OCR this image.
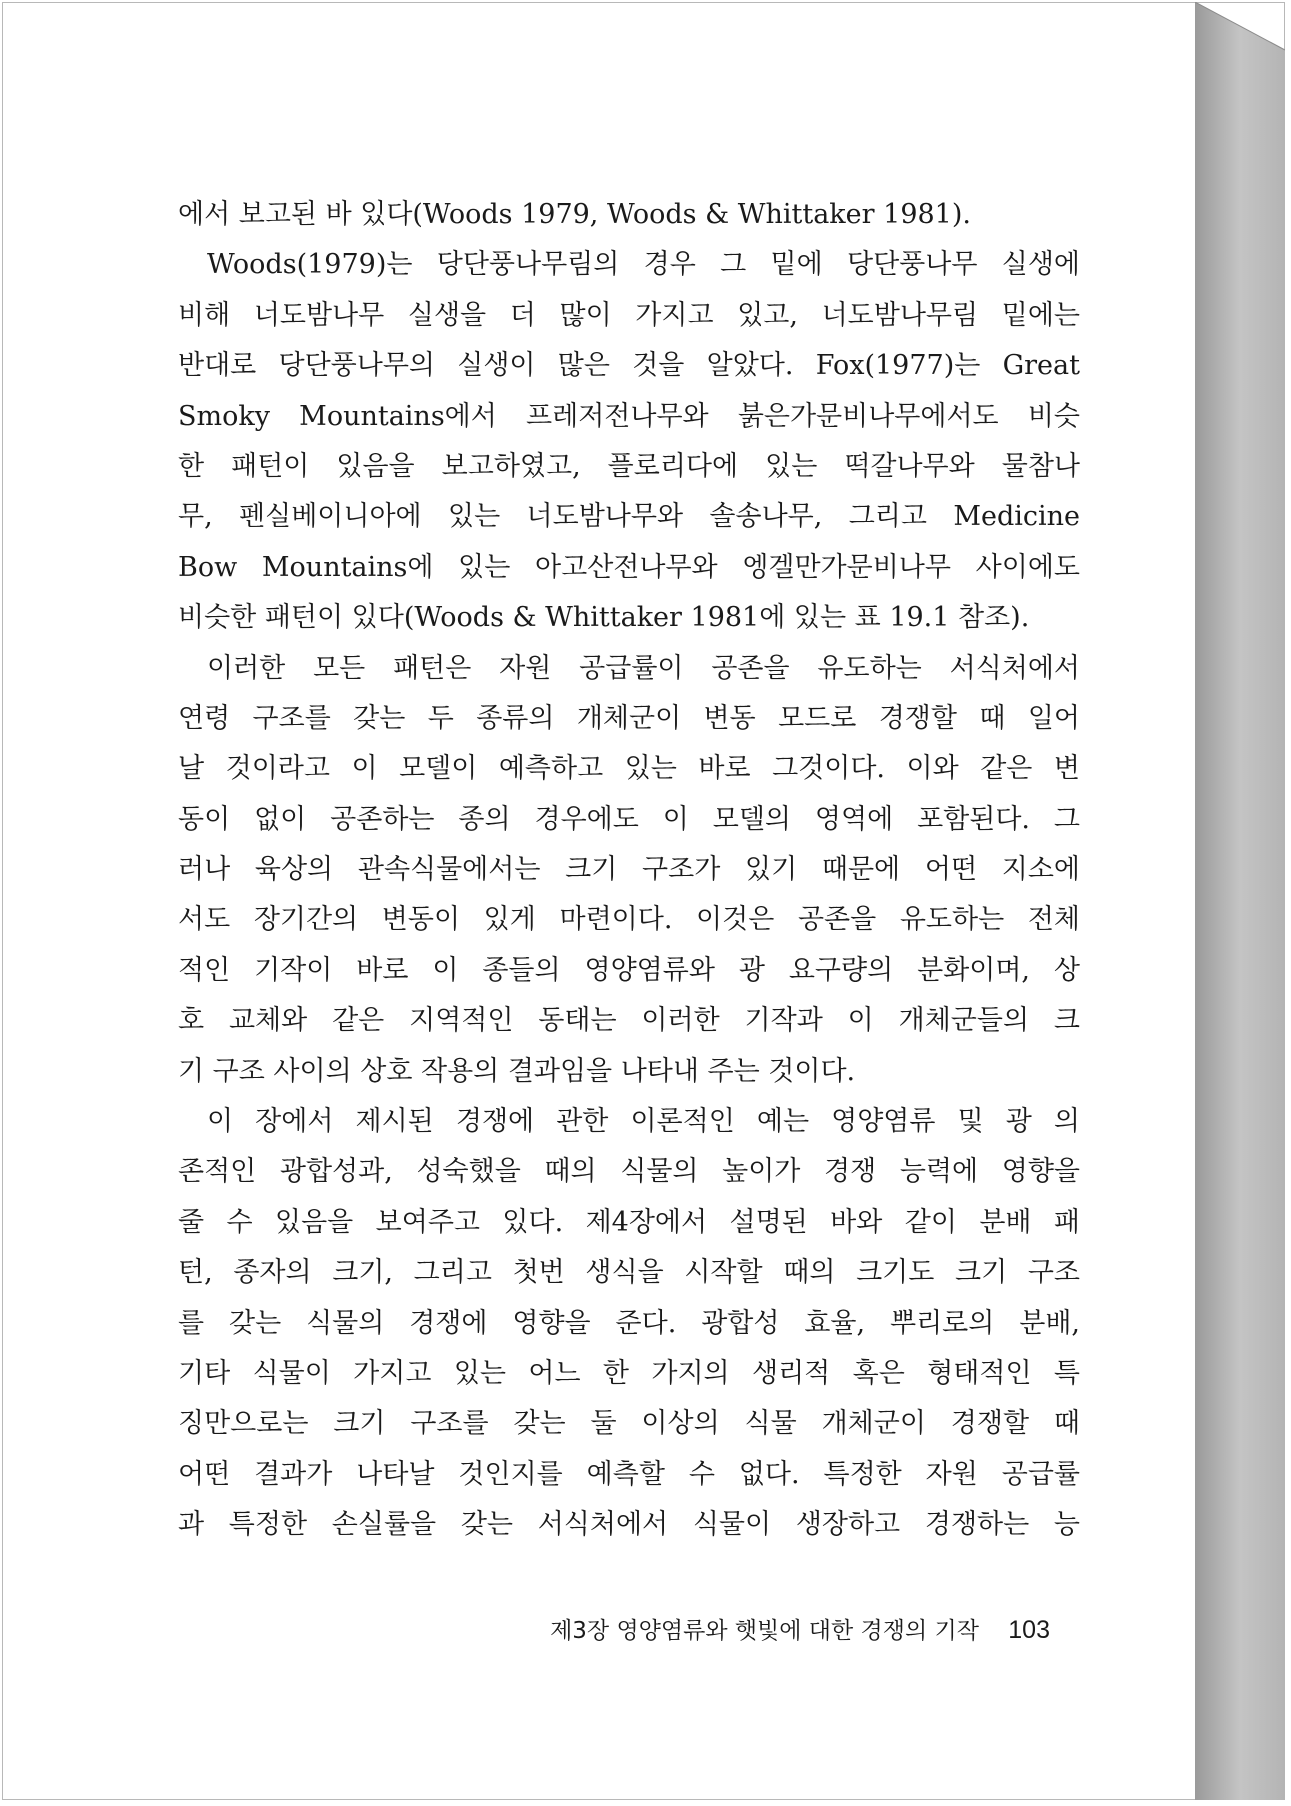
에서 보고된 바 있다(Woods 1979, Woods & Whittaker 1981).
Woods(1979)는 당단풍나무림의 경우 그 밑에 당단풍나무 실생에
비해 너도밤나무 실생을 더 많이 가지고 있고, 너도밤나무림 밑에는
반대로 당단풍나무의 실생이 많은 것을 알았다. Fox(1977)는 Great
Smoky Mountains에서 프레저전나무와 붉은가문비나무에서도 비슷
한 패턴이 있음을 보고하였고, 플로리다에 있는 떡갈나무와 물참나
무, 펜실베이니아에 있는 너도밤나무와 솔송나무, 그리고 Medicine
Bow Mountains에 있는 아고산전나무와 엥겔만가문비나무 사이에도
비슷한 패턴이 있다(Woods & Whittaker 1981에 있는 표 19.1 참조).
이러한 모든 패턴은 자원 공급률이 공존을 유도하는 서식처에서
연령 구조를 갖는 두 종류의 개체군이 변동 모드로 경쟁할 때 일어
날 것이라고 이 모델이 예측하고 있는 바로 그것이다. 이와 같은 변
동이 없이 공존하는 종의 경우에도 이 모델의 영역에 포함된다. 그
러나 육상의 관속식물에서는 크기 구조가 있기 때문에 어떤 지소에
서도 장기간의 변동이 있게 마련이다. 이것은 공존을 유도하는 전체
적인 기작이 바로 이 종들의 영양염류와 광 요구량의 분화이며, 상
호 교체와 같은 지역적인 동태는 이러한 기작과 이 개체군들의 크
기 구조 사이의 상호 작용의 결과임을 나타내 주는 것이다.
이 장에서 제시된 경쟁에 관한 이론적인 예는 영양염류 및 광 의
존적인 광합성과, 성숙했을 때의 식물의 높이가 경쟁 능력에 영향을
줄 수 있음을 보여주고 있다. 제4장에서 설명된 바와 같이 분배 패
턴, 종자의 크기, 그리고 첫번 생식을 시작할 때의 크기도 크기 구조
를 갖는 식물의 경쟁에 영향을 준다. 광합성 효율, 뿌리로의 분배,
기타 식물이 가지고 있는 어느 한 가지의 생리적 혹은 형태적인 특
징만으로는 크기 구조를 갖는 둘 이상의 식물 개체군이 경쟁할 때
어떤 결과가 나타날 것인지를 예측할 수 없다. 특정한 자원 공급률
과 특정한 손실률을 갖는 서식처에서 식물이 생장하고 경쟁하는 능
제3장 영양염류와 햇빛에 대한 경쟁의 기작 103
